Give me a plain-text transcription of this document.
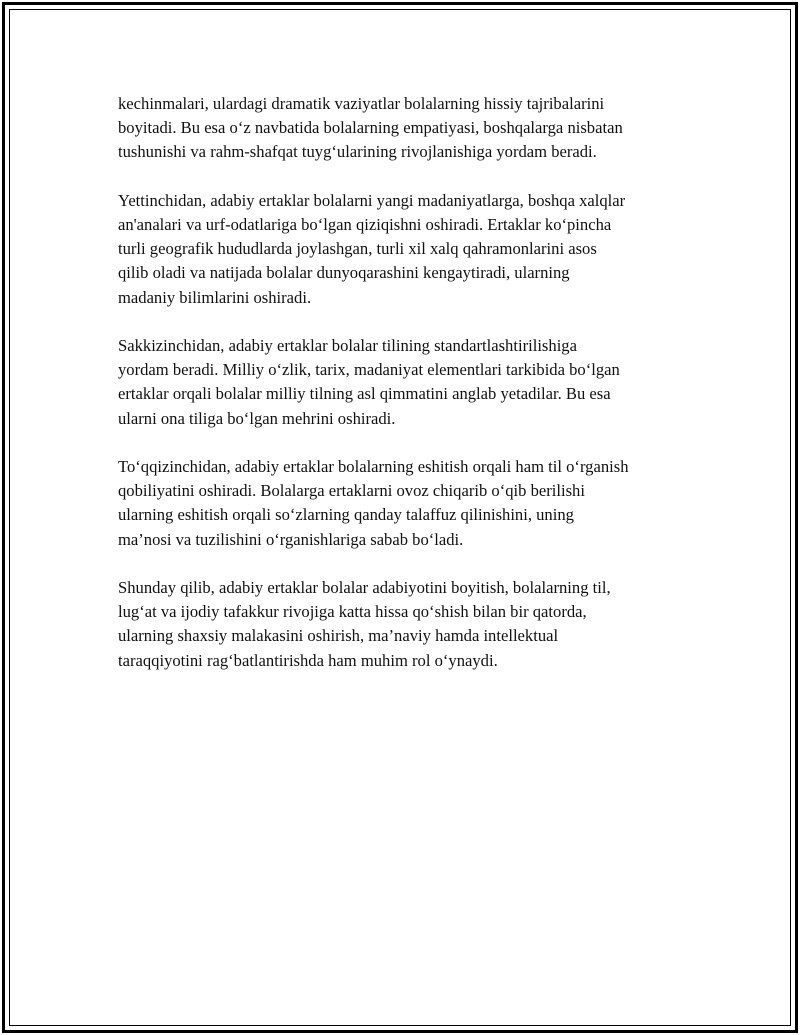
kechinmalari, ulardagi dramatik vaziyatlar bolalarning hissiy tajribalarini
boyitadi. Bu esa o‘z navbatida bolalarning empatiyasi, boshqalarga nisbatan
tushunishi va rahm-shafqat tuyg‘ularining rivojlanishiga yordam beradi.

Yettinchidan, adabiy ertaklar bolalarni yangi madaniyatlarga, boshqa xalqlar
an'analari va urf-odatlariga bo‘lgan qiziqishni oshiradi. Ertaklar ko‘pincha
turli geografik hududlarda joylashgan, turli xil xalq qahramonlarini asos
qilib oladi va natijada bolalar dunyoqarashini kengaytiradi, ularning
madaniy bilimlarini oshiradi.

Sakkizinchidan, adabiy ertaklar bolalar tilining standartlashtirilishiga
yordam beradi. Milliy o‘zlik, tarix, madaniyat elementlari tarkibida bo‘lgan
ertaklar orqali bolalar milliy tilning asl qimmatini anglab yetadilar. Bu esa
ularni ona tiliga bo‘lgan mehrini oshiradi.

To‘qqizinchidan, adabiy ertaklar bolalarning eshitish orqali ham til o‘rganish
qobiliyatini oshiradi. Bolalarga ertaklarni ovoz chiqarib o‘qib berilishi
ularning eshitish orqali so‘zlarning qanday talaffuz qilinishini, uning
ma’nosi va tuzilishini o‘rganishlariga sabab bo‘ladi.

Shunday qilib, adabiy ertaklar bolalar adabiyotini boyitish, bolalarning til,
lug‘at va ijodiy tafakkur rivojiga katta hissa qo‘shish bilan bir qatorda,
ularning shaxsiy malakasini oshirish, ma’naviy hamda intellektual
taraqqiyotini rag‘batlantirishda ham muhim rol o‘ynaydi.
